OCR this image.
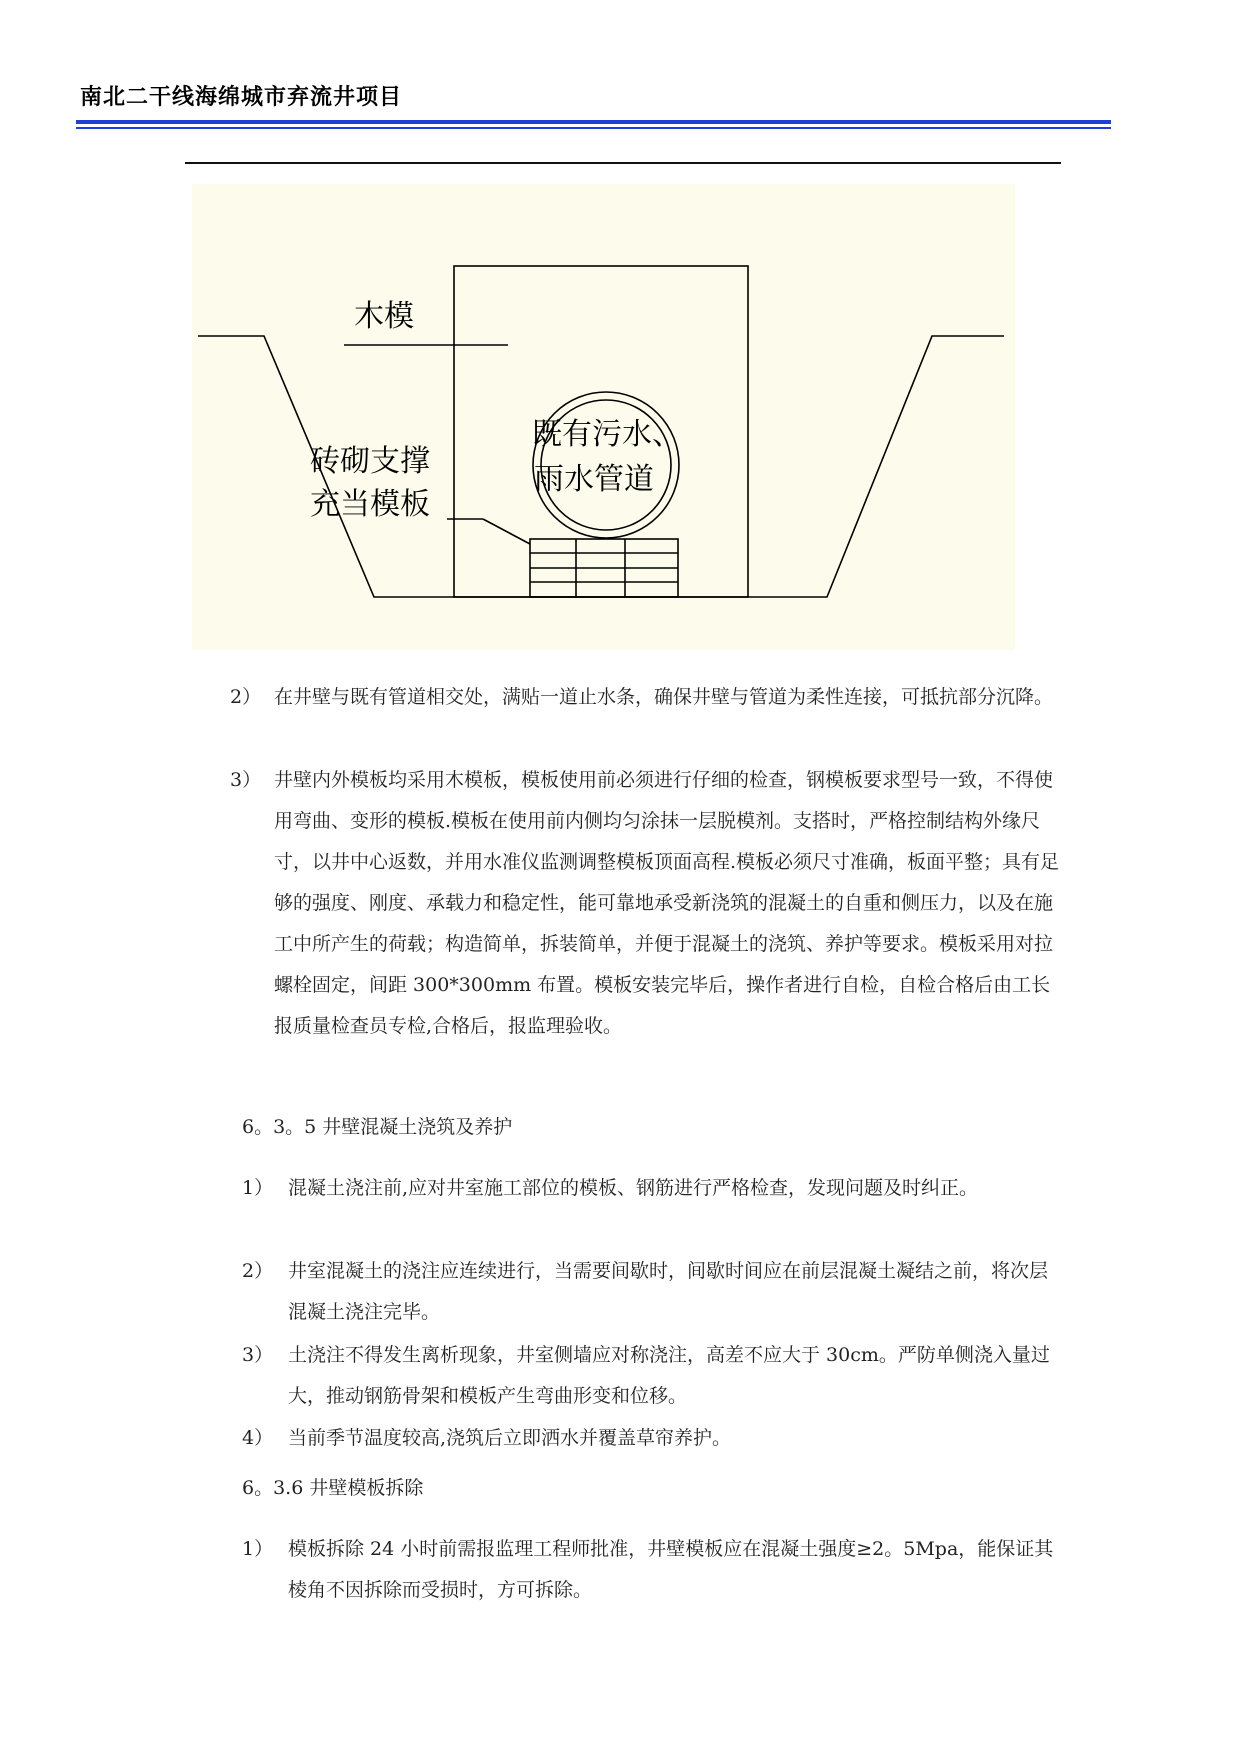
南北二干线海绵城市弃流井项目
木模
砖砌支撑
充当模板
既有污水、
雨水管道
2） 在井壁与既有管道相交处，满贴一道止水条，确保井壁与管道为柔性连接，可抵抗部分沉降。
3） 井壁内外模板均采用木模板，模板使用前必须进行仔细的检查，钢模板要求型号一致，不得使用弯曲、变形的模板.模板在使用前内侧均匀涂抹一层脱模剂。支搭时，严格控制结构外缘尺寸，以井中心返数，并用水准仪监测调整模板顶面高程.模板必须尺寸准确，板面平整；具有足够的强度、刚度、承载力和稳定性，能可靠地承受新浇筑的混凝土的自重和侧压力，以及在施工中所产生的荷载；构造简单，拆装简单，并便于混凝土的浇筑、养护等要求。模板采用对拉螺栓固定，间距 300*300mm 布置。模板安装完毕后，操作者进行自检，自检合格后由工长报质量检查员专检,合格后，报监理验收。
6。3。5 井壁混凝土浇筑及养护
1） 混凝土浇注前,应对井室施工部位的模板、钢筋进行严格检查，发现问题及时纠正。
2） 井室混凝土的浇注应连续进行，当需要间歇时，间歇时间应在前层混凝土凝结之前，将次层混凝土浇注完毕。
3） 土浇注不得发生离析现象，井室侧墙应对称浇注，高差不应大于 30cm。严防单侧浇入量过大，推动钢筋骨架和模板产生弯曲形变和位移。
4） 当前季节温度较高,浇筑后立即洒水并覆盖草帘养护。
6。3.6 井壁模板拆除
1） 模板拆除 24 小时前需报监理工程师批准，井壁模板应在混凝土强度≥2。5Mpa，能保证其棱角不因拆除而受损时，方可拆除。
